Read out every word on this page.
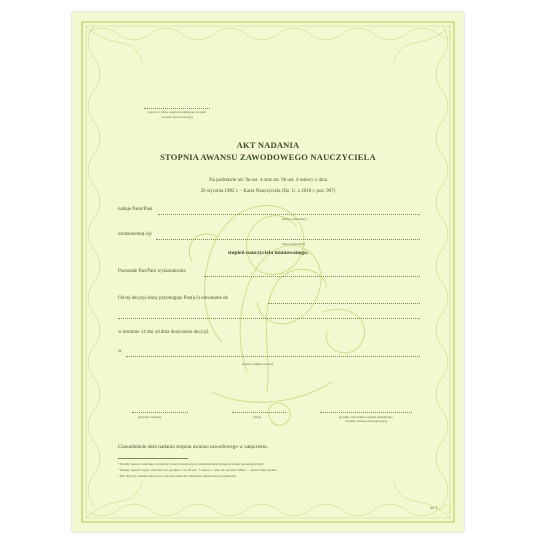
(nazwa i adres organu nadającego stopień
awansu zawodowego)
AKT NADANIA
STOPNIA AWANSU ZAWODOWEGO NAUCZYCIELA
Na podstawie art. 9a ust. 4 oraz art. 9b ust. 4 ustawy z dnia
26 stycznia 1982 r. – Karta Nauczyciela (Dz. U. z 2018 r. poz. 967)
nadaje Panu/Pani
(imię i nazwisko)
urodzonemu(-ej)
(data urodzenia)
stopień nauczyciela mianowanego.
Pozostałe Pan/Pani wykształcenie
Od tej decyzji służy przysługuje Pan(u/i) odwołanie do
w terminie 14 dni od dnia doręczenia decyzji.
w
(nazwa miejscowości)
(pieczęć organu)	(data)	(podpis i pieczątka organu nadającego
stopień awansu zawodowego)
Uzasadnienie aktu nadania stopnia awansu zawodowego w załączeniu.
¹ Należy wpisać nazwisko właściwe wobec informacji w przedłożonym przygotowaniu pedagogicznym.
² Należy wpisać organ odwoławczy zgodnie z art. 9f ust. 7 ustawy z dnia 26 stycznia 1982 r. – Karta Nauczyciela.
³ Nie dotyczy nadania aktu, bez wzrostu stanu dla członków państwowej organizacji.
str. 1
